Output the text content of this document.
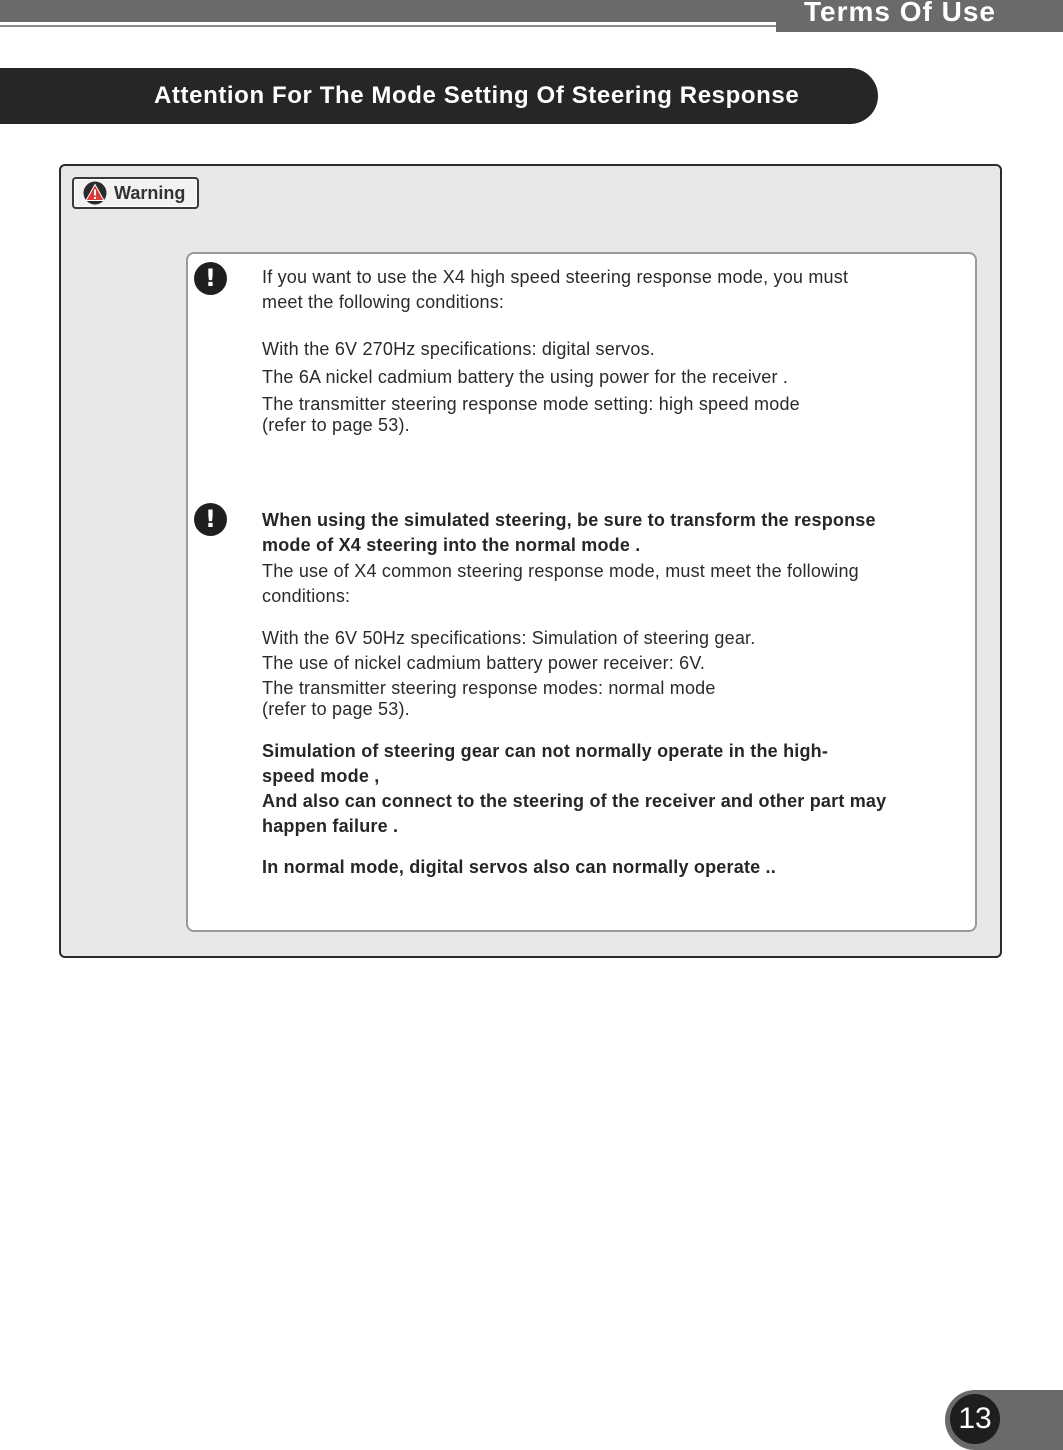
Terms Of Use
Attention For The Mode Setting Of Steering Response
Warning
!	If you want to use the X4 high speed steering response mode, you must
meet the following conditions:
With the 6V 270Hz specifications: digital servos.
The 6A nickel cadmium battery the using power for the receiver .
The transmitter steering response mode setting: high speed mode
(refer to page 53).
!	When using the simulated steering, be sure to transform the response
mode of X4 steering into the normal mode .
The use of X4 common steering response mode, must meet the following
conditions:
With the 6V 50Hz specifications: Simulation of steering gear.
The use of nickel cadmium battery power receiver: 6V.
The transmitter steering response modes: normal mode
(refer to page 53).
Simulation of steering gear can not normally operate in the high-
speed mode ,
And also can connect to the steering of the receiver and other part may
happen failure .
In normal mode, digital servos also can normally operate ..
13
